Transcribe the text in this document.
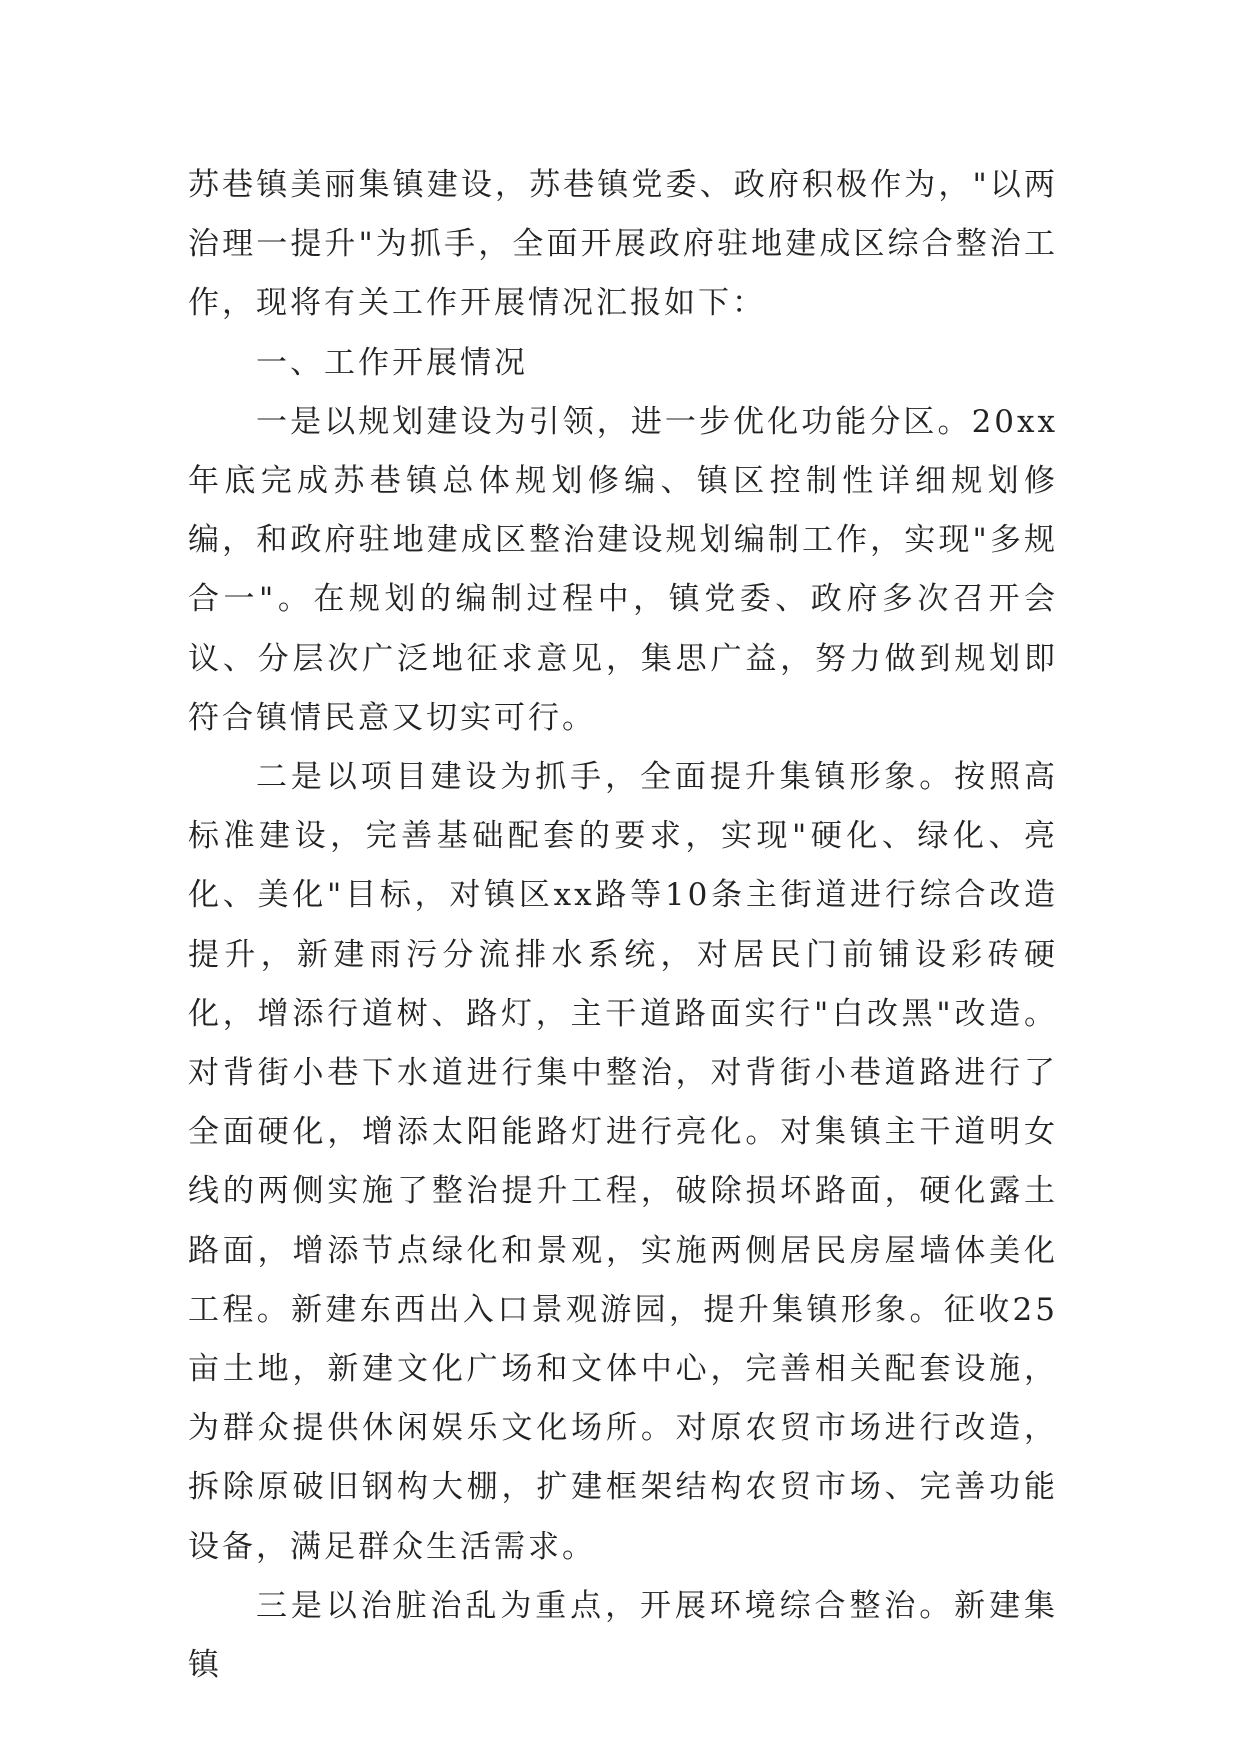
苏巷镇美丽集镇建设，苏巷镇党委、政府积极作为，"以两治理一提升"为抓手，全面开展政府驻地建成区综合整治工作，现将有关工作开展情况汇报如下：

一、工作开展情况

一是以规划建设为引领，进一步优化功能分区。20xx年底完成苏巷镇总体规划修编、镇区控制性详细规划修编，和政府驻地建成区整治建设规划编制工作，实现"多规合一"。在规划的编制过程中，镇党委、政府多次召开会议、分层次广泛地征求意见，集思广益，努力做到规划即符合镇情民意又切实可行。

二是以项目建设为抓手，全面提升集镇形象。按照高标准建设，完善基础配套的要求，实现"硬化、绿化、亮化、美化"目标，对镇区xx路等10条主街道进行综合改造提升，新建雨污分流排水系统，对居民门前铺设彩砖硬化，增添行道树、路灯，主干道路面实行"白改黑"改造。对背街小巷下水道进行集中整治，对背街小巷道路进行了全面硬化，增添太阳能路灯进行亮化。对集镇主干道明女线的两侧实施了整治提升工程，破除损坏路面，硬化露土路面，增添节点绿化和景观，实施两侧居民房屋墙体美化工程。新建东西出入口景观游园，提升集镇形象。征收25亩土地，新建文化广场和文体中心，完善相关配套设施，为群众提供休闲娱乐文化场所。对原农贸市场进行改造，拆除原破旧钢构大棚，扩建框架结构农贸市场、完善功能设备，满足群众生活需求。

三是以治脏治乱为重点，开展环境综合整治。新建集镇
